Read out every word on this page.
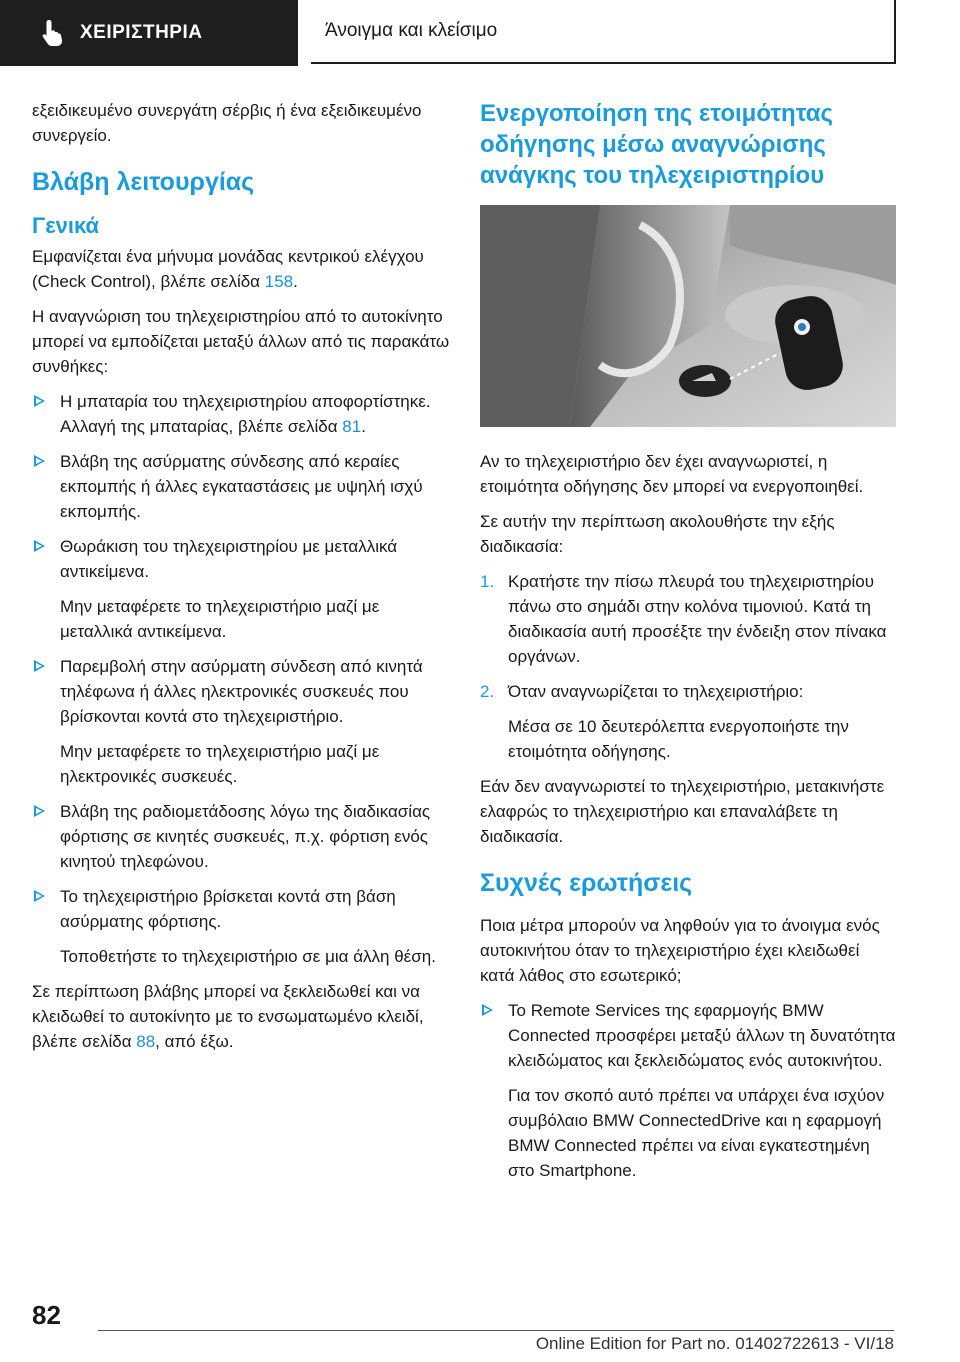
ΧΕΙΡΙΣΤΗΡΙΑ	Άνοιγμα και κλείσιμο

εξειδικευμένο συνεργάτη σέρβις ή ένα εξειδικευμένο συνεργείο.

Βλάβη λειτουργίας
Γενικά

Εμφανίζεται ένα μήνυμα μονάδας κεντρικού ελέγχου (Check Control), βλέπε σελίδα 158.

Η αναγνώριση του τηλεχειριστηρίου από το αυτοκίνητο μπορεί να εμποδίζεται μεταξύ άλλων από τις παρακάτω συνθήκες:

Η μπαταρία του τηλεχειριστηρίου αποφορτίστηκε. Αλλαγή της μπαταρίας, βλέπε σελίδα 81.

Βλάβη της ασύρματης σύνδεσης από κεραίες εκπομπής ή άλλες εγκαταστάσεις με υψηλή ισχύ εκπομπής.

Θωράκιση του τηλεχειριστηρίου με μεταλλικά αντικείμενα.

Μην μεταφέρετε το τηλεχειριστήριο μαζί με μεταλλικά αντικείμενα.

Παρεμβολή στην ασύρματη σύνδεση από κινητά τηλέφωνα ή άλλες ηλεκτρονικές συσκευές που βρίσκονται κοντά στο τηλεχειριστήριο.

Μην μεταφέρετε το τηλεχειριστήριο μαζί με ηλεκτρονικές συσκευές.

Βλάβη της ραδιομετάδοσης λόγω της διαδικασίας φόρτισης σε κινητές συσκευές, π.χ. φόρτιση ενός κινητού τηλεφώνου.

Το τηλεχειριστήριο βρίσκεται κοντά στη βάση ασύρματης φόρτισης.

Τοποθετήστε το τηλεχειριστήριο σε μια άλλη θέση.

Σε περίπτωση βλάβης μπορεί να ξεκλειδωθεί και να κλειδωθεί το αυτοκίνητο με το ενσωματωμένο κλειδί, βλέπε σελίδα 88, από έξω.

Ενεργοποίηση της ετοιμότητας οδήγησης μέσω αναγνώρισης ανάγκης του τηλεχειριστηρίου

Αν το τηλεχειριστήριο δεν έχει αναγνωριστεί, η ετοιμότητα οδήγησης δεν μπορεί να ενεργοποιηθεί.

Σε αυτήν την περίπτωση ακολουθήστε την εξής διαδικασία:

1. Κρατήστε την πίσω πλευρά του τηλεχειριστηρίου πάνω στο σημάδι στην κολόνα τιμονιού. Κατά τη διαδικασία αυτή προσέξτε την ένδειξη στον πίνακα οργάνων.

2. Όταν αναγνωρίζεται το τηλεχειριστήριο:

Μέσα σε 10 δευτερόλεπτα ενεργοποιήστε την ετοιμότητα οδήγησης.

Εάν δεν αναγνωριστεί το τηλεχειριστήριο, μετακινήστε ελαφρώς το τηλεχειριστήριο και επαναλάβετε τη διαδικασία.

Συχνές ερωτήσεις

Ποια μέτρα μπορούν να ληφθούν για το άνοιγμα ενός αυτοκινήτου όταν το τηλεχειριστήριο έχει κλειδωθεί κατά λάθος στο εσωτερικό;

Το Remote Services της εφαρμογής BMW Connected προσφέρει μεταξύ άλλων τη δυνατότητα κλειδώματος και ξεκλειδώματος ενός αυτοκινήτου.

Για τον σκοπό αυτό πρέπει να υπάρχει ένα ισχύον συμβόλαιο BMW ConnectedDrive και η εφαρμογή BMW Connected πρέπει να είναι εγκατεστημένη στο Smartphone.

82
Online Edition for Part no. 01402722613 - VI/18
